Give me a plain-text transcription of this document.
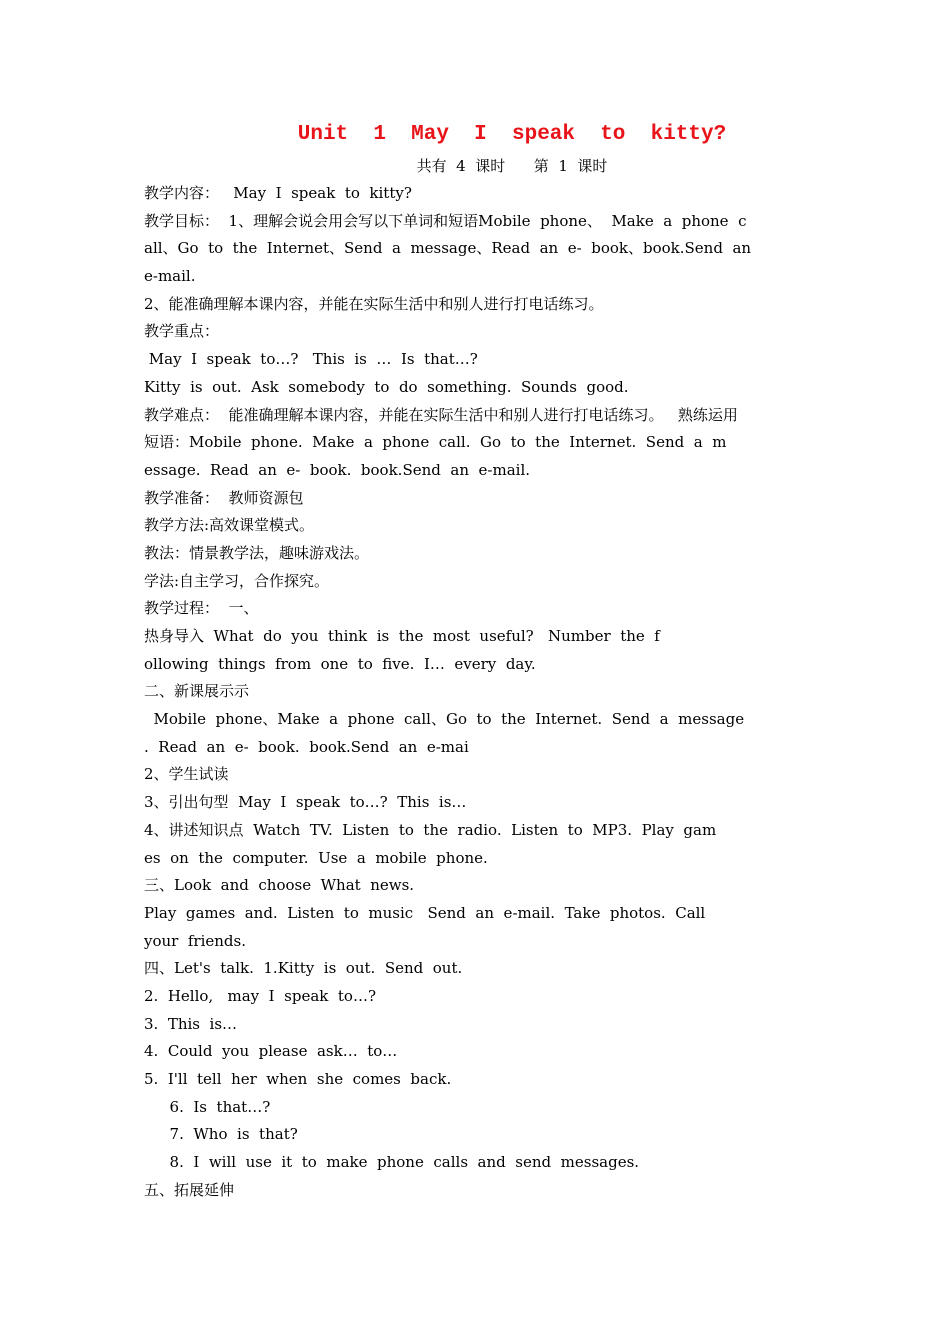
Unit  1  May  I  speak  to  kitty?
共有  4  课时      第  1  课时
教学内容：   May  I  speak  to  kitty?
教学目标：  1、理解会说会用会写以下单词和短语Mobile  phone、  Make  a  phone  c
all、Go  to  the  Internet、Send  a  message、Read  an  e-  book、book.Send  an
e-mail.
2、能准确理解本课内容，并能在实际生活中和别人进行打电话练习。
教学重点：
May  I  speak  to…?   This  is  …  Is  that…?
Kitty  is  out.  Ask  somebody  to  do  something.  Sounds  good.
教学难点：  能准确理解本课内容，并能在实际生活中和别人进行打电话练习。   熟练运用
短语：Mobile  phone.  Make  a  phone  call.  Go  to  the  Internet.  Send  a  m
essage.  Read  an  e-  book.  book.Send  an  e-mail.
教学准备：  教师资源包
教学方法:高效课堂模式。
教法：情景教学法，趣味游戏法。
学法:自主学习，合作探究。
教学过程：  一、
热身导入  What  do  you  think  is  the  most  useful?   Number  the  f
ollowing  things  from  one  to  five.  I…  every  day.
二、新课展示示
Mobile  phone、Make  a  phone  call、Go  to  the  Internet.  Send  a  message
.  Read  an  e-  book.  book.Send  an  e-mai
2、学生试读
3、引出句型  May  I  speak  to…?  This  is…
4、讲述知识点  Watch  TV.  Listen  to  the  radio.  Listen  to  MP3.  Play  gam
es  on  the  computer.  Use  a  mobile  phone.
三、Look  and  choose  What  news.
Play  games  and.  Listen  to  music   Send  an  e-mail.  Take  photos.  Call
your  friends.
四、Let's  talk.  1.Kitty  is  out.  Send  out.
2.  Hello,   may  I  speak  to…?
3.  This  is…
4.  Could  you  please  ask…  to…
5.  I'll  tell  her  when  she  comes  back.
6.  Is  that…?
7.  Who  is  that?
8.  I  will  use  it  to  make  phone  calls  and  send  messages.
五、拓展延伸
